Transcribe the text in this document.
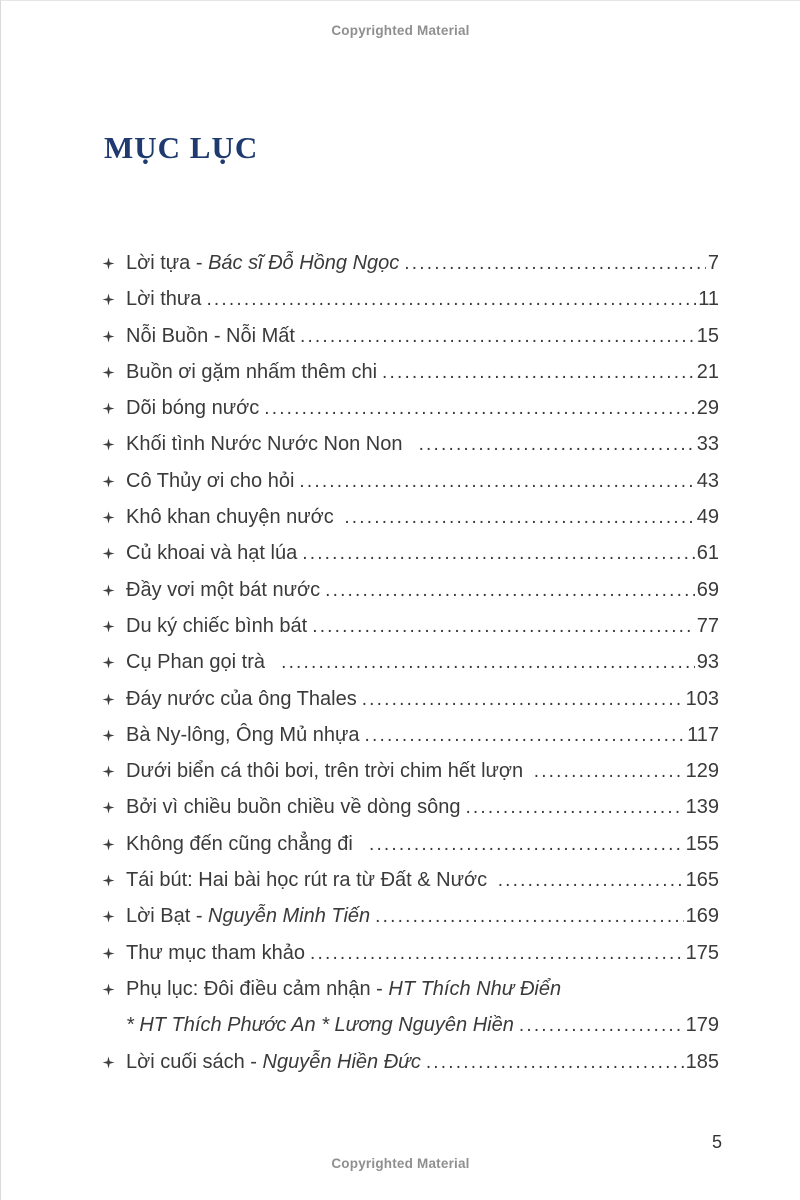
Copyrighted Material
MỤC LỤC
Lời tựa - Bác sĩ Đỗ Hồng Ngọc .....	7
Lời thưa .....	11
Nỗi Buồn - Nỗi Mất .....	15
Buồn ơi gặm nhấm thêm chi .....	21
Dõi bóng nước .....	29
Khối tình Nước Nước Non Non .....	33
Cô Thủy ơi cho hỏi .....	43
Khô khan chuyện nước .....	49
Củ khoai và hạt lúa .....	61
Đầy vơi một bát nước .....	69
Du ký chiếc bình bát .....	77
Cụ Phan gọi trà .....	93
Đáy nước của ông Thales .....	103
Bà Ny-lông, Ông Mủ nhựa .....	117
Dưới biển cá thôi bơi, trên trời chim hết lượn .....	129
Bởi vì chiều buồn chiều về dòng sông .....	139
Không đến cũng chẳng đi .....	155
Tái bút: Hai bài học rút ra từ Đất & Nước .....	165
Lời Bạt - Nguyễn Minh Tiến .....	169
Thư mục tham khảo .....	175
Phụ lục: Đôi điều cảm nhận - HT Thích Như Điển
* HT Thích Phước An * Lương Nguyên Hiền .....	179
Lời cuối sách - Nguyễn Hiền Đức .....	185
5
Copyrighted Material
